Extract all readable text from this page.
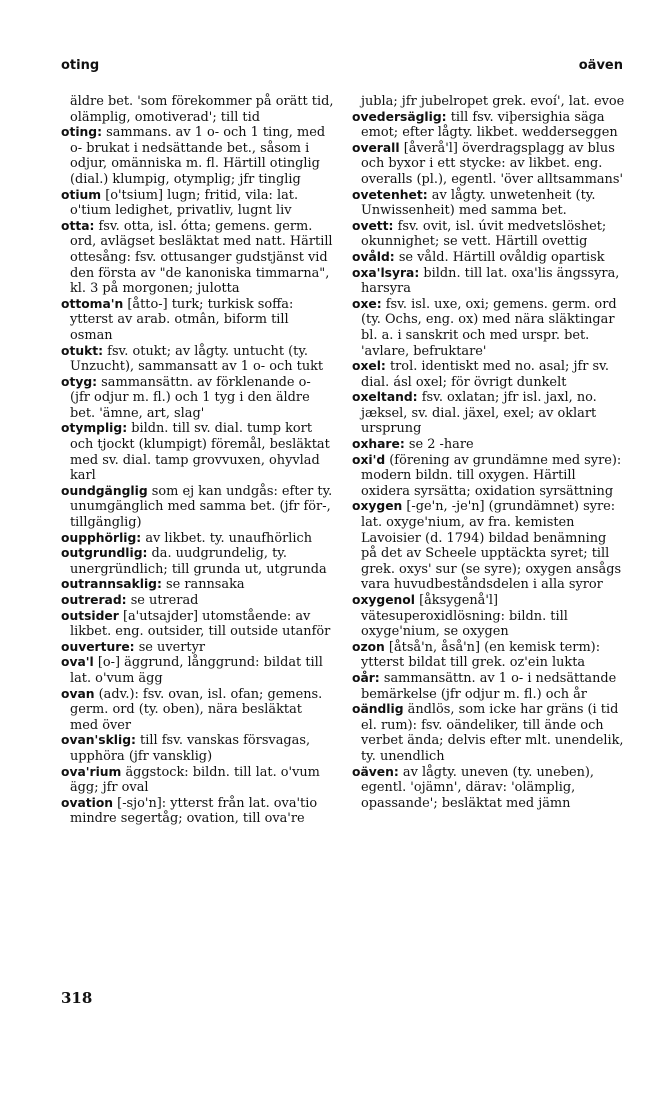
oting	oäven

äldre bet. 'som förekommer på orätt tid, olämplig, omotiverad'; till tid

oting: sammans. av 1 o- och 1 ting, med o- brukat i nedsättande bet., såsom i odjur, omänniska m. fl. Härtill otinglig (dial.) klumpig, otymplig; jfr tinglig

otium [o'tsium] lugn; fritid, vila: lat. o'tium ledighet, privatliv, lugnt liv

otta: fsv. otta, isl. ótta; gemens. germ. ord, avlägset besläktat med natt. Härtill ottesång: fsv. ottusanger gudstjänst vid den första av "de kanoniska timmarna", kl. 3 på morgonen; julotta

ottoma'n [åtto-] turk; turkisk soffa: ytterst av arab. otmân, biform till osman

otukt: fsv. otukt; av lågty. untucht (ty. Unzucht), sammansatt av 1 o- och tukt

otyg: sammansättn. av förklenande o- (jfr odjur m. fl.) och 1 tyg i den äldre bet. 'ämne, art, slag'

otymplig: bildn. till sv. dial. tump kort och tjockt (klumpigt) föremål, besläktat med sv. dial. tamp grovvuxen, ohyvlad karl

oundgänglig som ej kan undgås: efter ty. unumgänglich med samma bet. (jfr för-, tillgänglig)

oupphörlig: av likbet. ty. unaufhörlich

outgrundlig: da. uudgrundelig, ty. unergründlich; till grunda ut, utgrunda

outrannsaklig: se rannsaka

outrerad: se utrerad

outsider [a'utsajder] utomstående: av likbet. eng. outsider, till outside utanför

ouverture: se uvertyr

ova'l [o-] äggrund, långgrund: bildat till lat. o'vum ägg

ovan (adv.): fsv. ovan, isl. ofan; gemens. germ. ord (ty. oben), nära besläktat med över

ovan'sklig: till fsv. vanskas försvagas, upphöra (jfr vansklig)

ova'rium äggstock: bildn. till lat. o'vum ägg; jfr oval

ovation [-sjo'n]: ytterst från lat. ova'tio mindre segertåg; ovation, till ova're

jubla; jfr jubelropet grek. evoí', lat. evoe

ovedersäglig: till fsv. viþersighia säga emot; efter lågty. likbet. wedderseggen

overall [åverå'l] överdragsplagg av blus och byxor i ett stycke: av likbet. eng. overalls (pl.), egentl. 'över alltsammans'

ovetenhet: av lågty. unwetenheit (ty. Unwissenheit) med samma bet.

ovett: fsv. ovit, isl. úvit medvetslöshet; okunnighet; se vett. Härtill ovettig

ovåld: se våld. Härtill ovåldig opartisk

oxa'lsyra: bildn. till lat. oxa'lis ängssyra, harsyra

oxe: fsv. isl. uxe, oxi; gemens. germ. ord (ty. Ochs, eng. ox) med nära släktingar bl. a. i sanskrit och med urspr. bet. 'avlare, befruktare'

oxel: trol. identiskt med no. asal; jfr sv. dial. ásl oxel; för övrigt dunkelt

oxeltand: fsv. oxlatan; jfr isl. jaxl, no. jæksel, sv. dial. jäxel, exel; av oklart ursprung

oxhare: se 2 -hare

oxi'd (förening av grundämne med syre): modern bildn. till oxygen. Härtill oxidera syrsätta; oxidation syrsättning

oxygen [-ge'n, -je'n] (grundämnet) syre: lat. oxyge'nium, av fra. kemisten Lavoisier (d. 1794) bildad benämning på det av Scheele upptäckta syret; till grek. oxys' sur (se syre); oxygen ansågs vara huvudbeståndsdelen i alla syror

oxygenol [åksygenå'l] vätesuperoxidlösning: bildn. till oxyge'nium, se oxygen

ozon [åtså'n, åså'n] (en kemisk term): ytterst bildat till grek. oz'ein lukta

oår: sammansättn. av 1 o- i nedsättande bemärkelse (jfr odjur m. fl.) och år

oändlig ändlös, som icke har gräns (i tid el. rum): fsv. oändeliker, till ände och verbet ända; delvis efter mlt. unendelik, ty. unendlich

oäven: av lågty. uneven (ty. uneben), egentl. 'ojämn', därav: 'olämplig, opassande'; besläktat med jämn

318
